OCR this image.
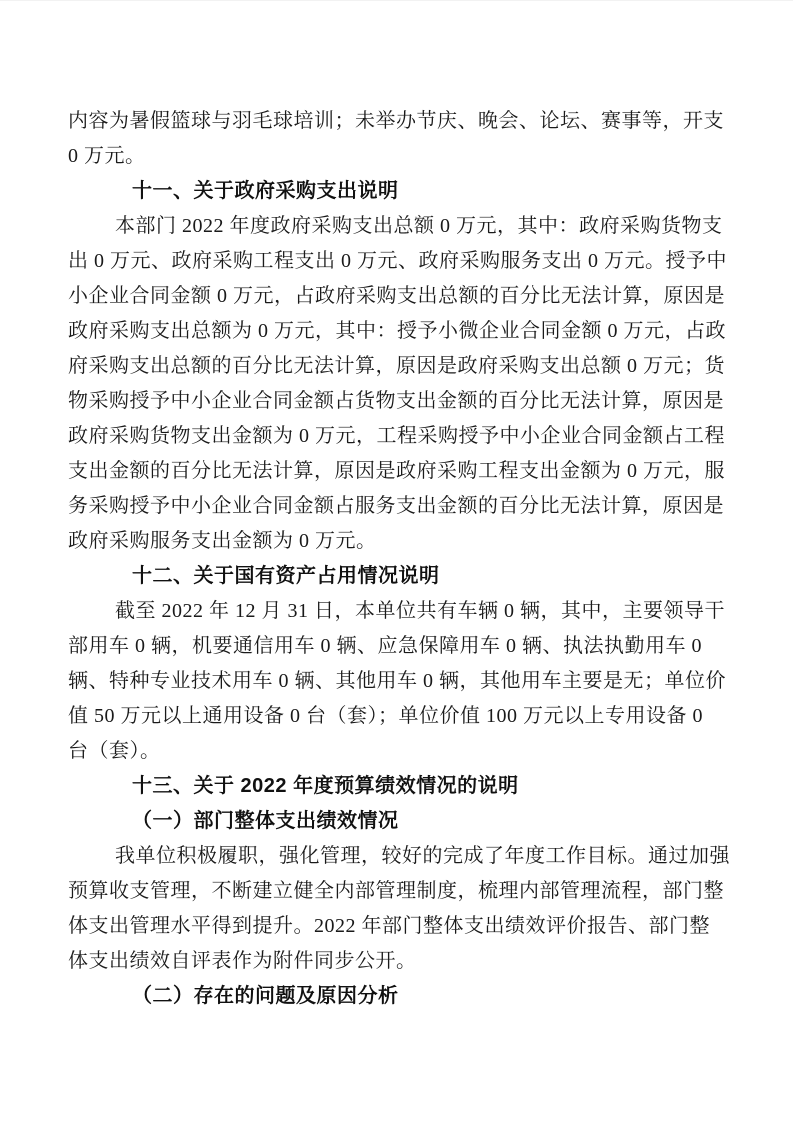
内容为暑假篮球与羽毛球培训；未举办节庆、晚会、论坛、赛事等，开支
0 万元。
十一、关于政府采购支出说明
本部门 2022 年度政府采购支出总额 0 万元，其中：政府采购货物支
出 0 万元、政府采购工程支出 0 万元、政府采购服务支出 0 万元。授予中
小企业合同金额 0 万元，占政府采购支出总额的百分比无法计算，原因是
政府采购支出总额为 0 万元，其中：授予小微企业合同金额 0 万元，占政
府采购支出总额的百分比无法计算，原因是政府采购支出总额 0 万元；货
物采购授予中小企业合同金额占货物支出金额的百分比无法计算，原因是
政府采购货物支出金额为 0 万元，工程采购授予中小企业合同金额占工程
支出金额的百分比无法计算，原因是政府采购工程支出金额为 0 万元，服
务采购授予中小企业合同金额占服务支出金额的百分比无法计算，原因是
政府采购服务支出金额为 0 万元。
十二、关于国有资产占用情况说明
截至 2022 年 12 月 31 日，本单位共有车辆 0 辆，其中，主要领导干
部用车 0 辆，机要通信用车 0 辆、应急保障用车 0 辆、执法执勤用车 0
辆、特种专业技术用车 0 辆、其他用车 0 辆，其他用车主要是无；单位价
值 50 万元以上通用设备 0 台（套）；单位价值 100 万元以上专用设备 0
台（套）。
十三、关于 2022 年度预算绩效情况的说明
（一）部门整体支出绩效情况
我单位积极履职，强化管理，较好的完成了年度工作目标。通过加强
预算收支管理，不断建立健全内部管理制度，梳理内部管理流程，部门整
体支出管理水平得到提升。2022 年部门整体支出绩效评价报告、部门整
体支出绩效自评表作为附件同步公开。
（二）存在的问题及原因分析
